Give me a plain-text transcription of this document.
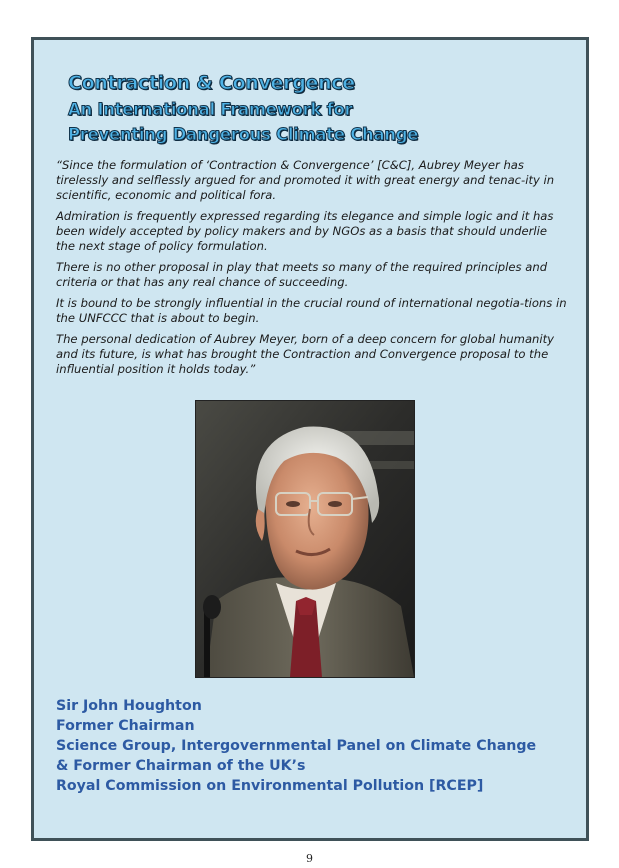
Contraction & Convergence
An International Framework for
Preventing Dangerous Climate Change

“Since the formulation of ‘Contraction & Convergence’ [C&C], Aubrey Meyer has tirelessly and selflessly argued for and promoted it with great energy and tenac-ity in scientific, economic and political fora.

Admiration is frequently expressed regarding its elegance and simple logic and it has been widely accepted by policy makers and by NGOs as a basis that should underlie the next stage of policy formulation.

There is no other proposal in play that meets so many of the required principles and criteria or that has any real chance of succeeding.

It is bound to be strongly influential in the crucial round of international negotia-tions in the UNFCCC that is about to begin.

The personal dedication of Aubrey Meyer, born of a deep concern for global humanity and its future, is what has brought the Contraction and Convergence proposal to the influential position it holds today.”

Sir John Houghton
Former Chairman
Science Group, Intergovernmental Panel on Climate Change
& Former Chairman of the UK’s
Royal Commission on Environmental Pollution [RCEP]
9
